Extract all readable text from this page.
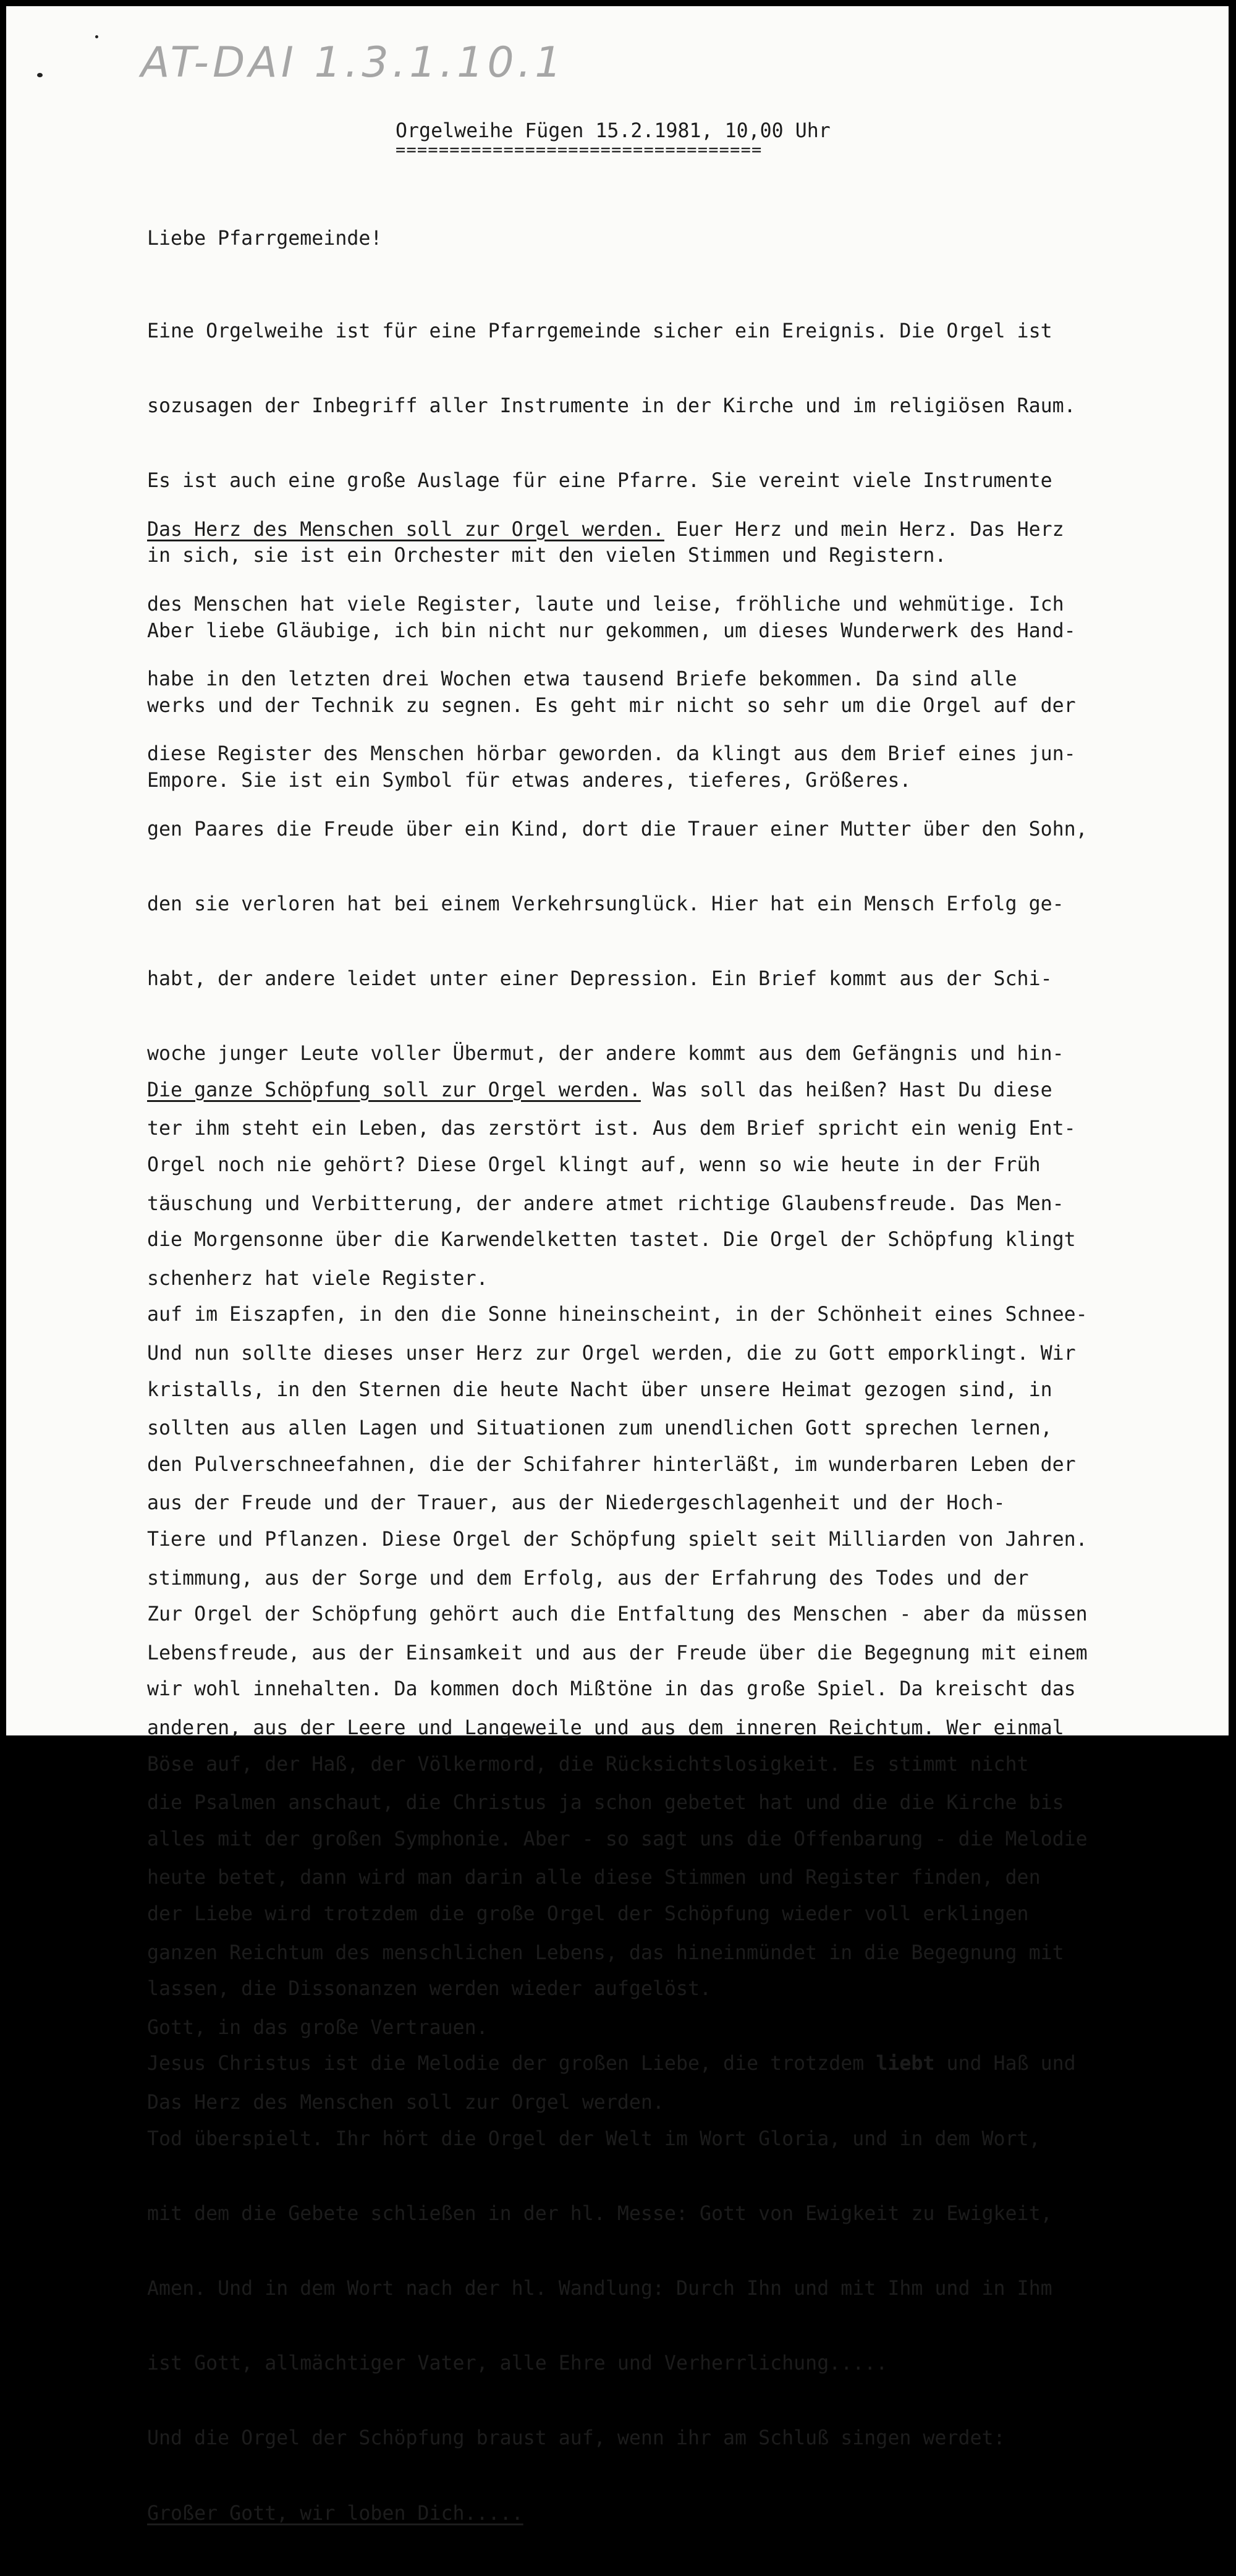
AT-DAI 1.3.1.10.1
Orgelweihe Fügen 15.2.1981, 10,00 Uhr
==================================
Liebe Pfarrgemeinde!

Eine Orgelweihe ist für eine Pfarrgemeinde sicher ein Ereignis. Die Orgel ist

sozusagen der Inbegriff aller Instrumente in der Kirche und im religiösen Raum.

Es ist auch eine große Auslage für eine Pfarre. Sie vereint viele Instrumente

in sich, sie ist ein Orchester mit den vielen Stimmen und Registern.

Aber liebe Gläubige, ich bin nicht nur gekommen, um dieses Wunderwerk des Hand-

werks und der Technik zu segnen. Es geht mir nicht so sehr um die Orgel auf der

Empore. Sie ist ein Symbol für etwas anderes, tieferes, Größeres.

Das Herz des Menschen soll zur Orgel werden. Euer Herz und mein Herz. Das Herz

des Menschen hat viele Register, laute und leise, fröhliche und wehmütige. Ich

habe in den letzten drei Wochen etwa tausend Briefe bekommen. Da sind alle

diese Register des Menschen hörbar geworden. da klingt aus dem Brief eines jun-

gen Paares die Freude über ein Kind, dort die Trauer einer Mutter über den Sohn,

den sie verloren hat bei einem Verkehrsunglück. Hier hat ein Mensch Erfolg ge-

habt, der andere leidet unter einer Depression. Ein Brief kommt aus der Schi-

woche junger Leute voller Übermut, der andere kommt aus dem Gefängnis und hin-

ter ihm steht ein Leben, das zerstört ist. Aus dem Brief spricht ein wenig Ent-

täuschung und Verbitterung, der andere atmet richtige Glaubensfreude. Das Men-

schenherz hat viele Register.

Und nun sollte dieses unser Herz zur Orgel werden, die zu Gott emporklingt. Wir

sollten aus allen Lagen und Situationen zum unendlichen Gott sprechen lernen,

aus der Freude und der Trauer, aus der Niedergeschlagenheit und der Hoch-

stimmung, aus der Sorge und dem Erfolg, aus der Erfahrung des Todes und der

Lebensfreude, aus der Einsamkeit und aus der Freude über die Begegnung mit einem

anderen, aus der Leere und Langeweile und aus dem inneren Reichtum. Wer einmal

die Psalmen anschaut, die Christus ja schon gebetet hat und die die Kirche bis

heute betet, dann wird man darin alle diese Stimmen und Register finden, den

ganzen Reichtum des menschlichen Lebens, das hineinmündet in die Begegnung mit

Gott, in das große Vertrauen.

Das Herz des Menschen soll zur Orgel werden.

Die ganze Schöpfung soll zur Orgel werden. Was soll das heißen? Hast Du diese

Orgel noch nie gehört? Diese Orgel klingt auf, wenn so wie heute in der Früh

die Morgensonne über die Karwendelketten tastet. Die Orgel der Schöpfung klingt

auf im Eiszapfen, in den die Sonne hineinscheint, in der Schönheit eines Schnee-

kristalls, in den Sternen die heute Nacht über unsere Heimat gezogen sind, in

den Pulverschneefahnen, die der Schifahrer hinterläßt, im wunderbaren Leben der

Tiere und Pflanzen. Diese Orgel der Schöpfung spielt seit Milliarden von Jahren.

Zur Orgel der Schöpfung gehört auch die Entfaltung des Menschen - aber da müssen

wir wohl innehalten. Da kommen doch Mißtöne in das große Spiel. Da kreischt das

Böse auf, der Haß, der Völkermord, die Rücksichtslosigkeit. Es stimmt nicht

alles mit der großen Symphonie. Aber - so sagt uns die Offenbarung - die Melodie

der Liebe wird trotzdem die große Orgel der Schöpfung wieder voll erklingen

lassen, die Dissonanzen werden wieder aufgelöst.

Jesus Christus ist die Melodie der großen Liebe, die trotzdem liebt und Haß und

Tod überspielt. Ihr hört die Orgel der Welt im Wort Gloria, und in dem Wort,

mit dem die Gebete schließen in der hl. Messe: Gott von Ewigkeit zu Ewigkeit,

Amen. Und in dem Wort nach der hl. Wandlung: Durch Ihn und mit Ihm und in Ihm

ist Gott, allmächtiger Vater, alle Ehre und Verherrlichung.....

Und die Orgel der Schöpfung braust auf, wenn ihr am Schluß singen werdet:

Großer Gott, wir loben Dich.....
